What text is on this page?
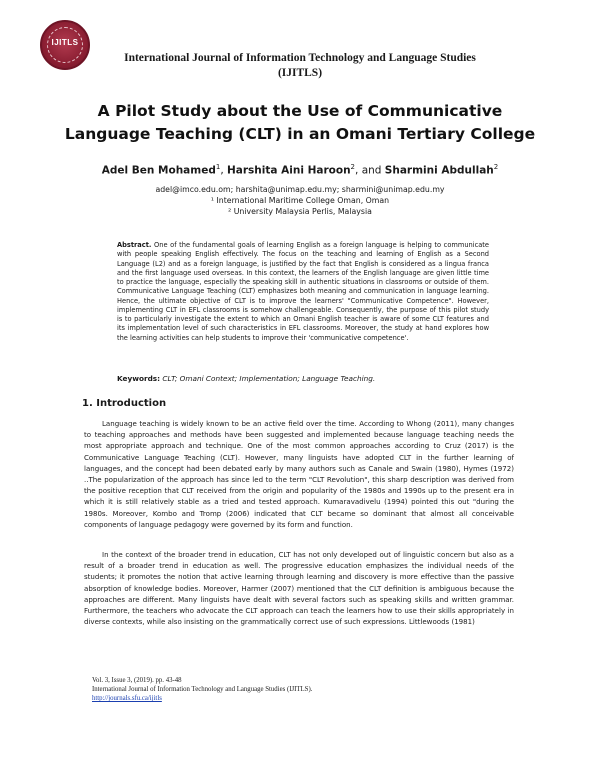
IJITLS
International Journal of Information Technology and Language Studies
(IJITLS)
A Pilot Study about the Use of Communicative
Language Teaching (CLT) in an Omani Tertiary College
Adel Ben Mohamed$^1$, Harshita Aini Haroon$^2$, and Sharmini Abdullah$^2$
adel@imco.edu.om; harshita@unimap.edu.my; sharmini@unimap.edu.my
¹ International Maritime College Oman, Oman
² University Malaysia Perlis, Malaysia
Abstract. One of the fundamental goals of learning English as a foreign language is helping to communicate with people speaking English effectively. The focus on the teaching and learning of English as a Second Language (L2) and as a foreign language, is justified by the fact that English is considered as a lingua franca and the first language used overseas. In this context, the learners of the English language are given little time to practice the language, especially the speaking skill in authentic situations in classrooms or outside of them. Communicative Language Teaching (CLT) emphasizes both meaning and communication in language learning. Hence, the ultimate objective of CLT is to improve the learners' "Communicative Competence". However, implementing CLT in EFL classrooms is somehow challengeable. Consequently, the purpose of this pilot study is to particularly investigate the extent to which an Omani English teacher is aware of some CLT features and its implementation level of such characteristics in EFL classrooms. Moreover, the study at hand explores how the learning activities can help students to improve their 'communicative competence'.
Keywords: CLT; Omani Context; Implementation; Language Teaching.
1. Introduction
Language teaching is widely known to be an active field over the time. According to Whong (2011), many changes to teaching approaches and methods have been suggested and implemented because language teaching needs the most appropriate approach and technique. One of the most common approaches according to Cruz (2017) is the Communicative Language Teaching (CLT). However, many linguists have adopted CLT in the further learning of languages, and the concept had been debated early by many authors such as Canale and Swain (1980), Hymes (1972) ..The popularization of the approach has since led to the term "CLT Revolution", this sharp description was derived from the positive reception that CLT received from the origin and popularity of the 1980s and 1990s up to the present era in which it is still relatively stable as a tried and tested approach. Kumaravadivelu (1994) pointed this out "during the 1980s. Moreover, Kombo and Tromp (2006) indicated that CLT became so dominant that almost all conceivable components of language pedagogy were governed by its form and function.
In the context of the broader trend in education, CLT has not only developed out of linguistic concern but also as a result of a broader trend in education as well. The progressive education emphasizes the individual needs of the students; it promotes the notion that active learning through learning and discovery is more effective than the passive absorption of knowledge bodies. Moreover, Harmer (2007) mentioned that the CLT definition is ambiguous because the approaches are different. Many linguists have dealt with several factors such as speaking skills and written grammar. Furthermore, the teachers who advocate the CLT approach can teach the learners how to use their skills appropriately in diverse contexts, while also insisting on the grammatically correct use of such expressions. Littlewoods (1981)
Vol. 3, Issue 3, (2019). pp. 43-48
International Journal of Information Technology and Language Studies (IJITLS).
http://journals.sfu.ca/ijitls
